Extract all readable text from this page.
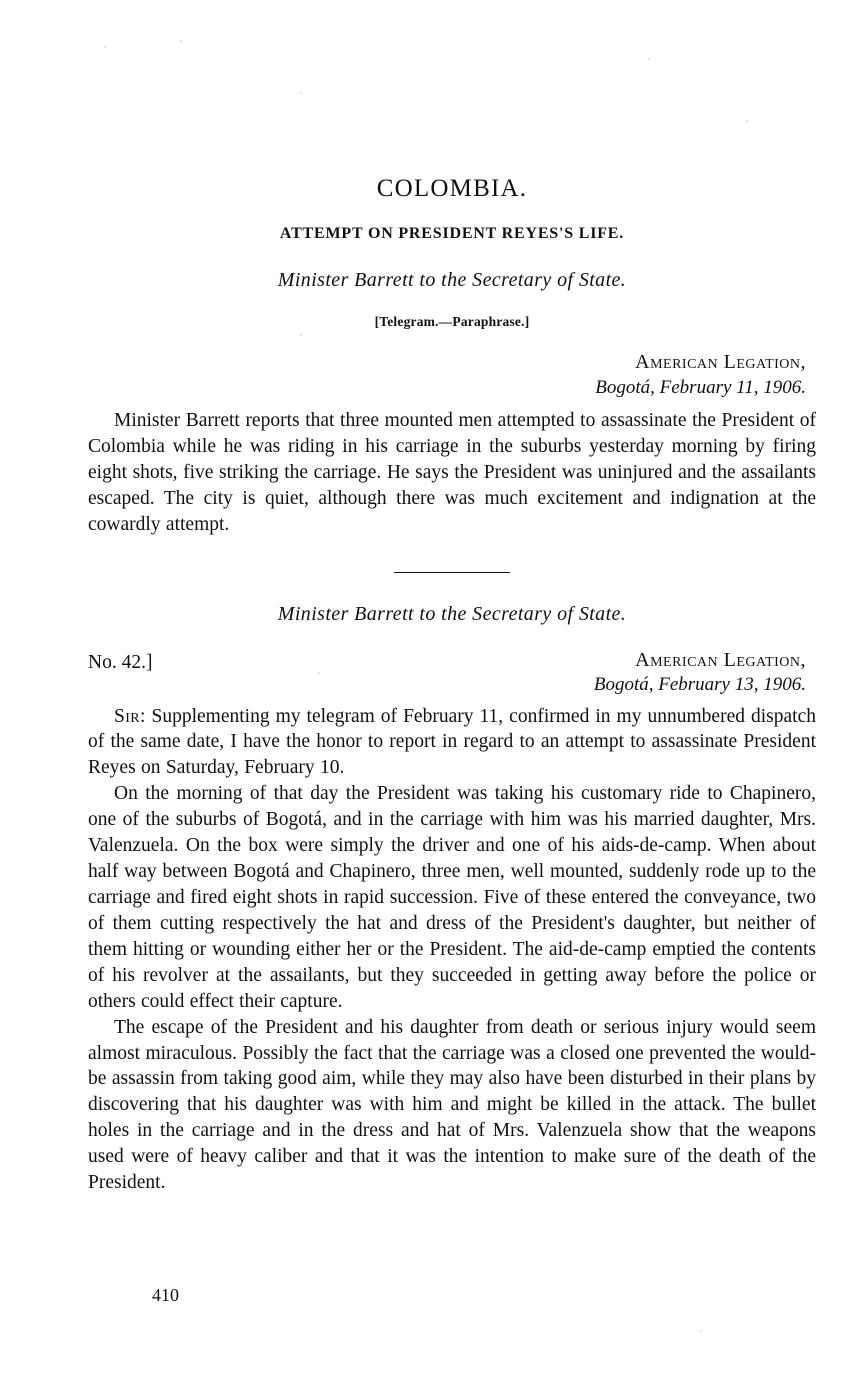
COLOMBIA.
ATTEMPT ON PRESIDENT REYES'S LIFE.
Minister Barrett to the Secretary of State.
[Telegram.—Paraphrase.]
American Legation,
Bogotá, February 11, 1906.

Minister Barrett reports that three mounted men attempted to assassinate the President of Colombia while he was riding in his carriage in the suburbs yesterday morning by firing eight shots, five striking the carriage. He says the President was uninjured and the assailants escaped. The city is quiet, although there was much excitement and indignation at the cowardly attempt.

Minister Barrett to the Secretary of State.
No. 42.]	American Legation,
Bogotá, February 13, 1906.

Sir: Supplementing my telegram of February 11, confirmed in my unnumbered dispatch of the same date, I have the honor to report in regard to an attempt to assassinate President Reyes on Saturday, February 10.

On the morning of that day the President was taking his customary ride to Chapinero, one of the suburbs of Bogotá, and in the carriage with him was his married daughter, Mrs. Valenzuela. On the box were simply the driver and one of his aids-de-camp. When about half way between Bogotá and Chapinero, three men, well mounted, suddenly rode up to the carriage and fired eight shots in rapid succession. Five of these entered the conveyance, two of them cutting respectively the hat and dress of the President's daughter, but neither of them hitting or wounding either her or the President. The aid-de-camp emptied the contents of his revolver at the assailants, but they succeeded in getting away before the police or others could effect their capture.

The escape of the President and his daughter from death or serious injury would seem almost miraculous. Possibly the fact that the carriage was a closed one prevented the would-be assassin from taking good aim, while they may also have been disturbed in their plans by discovering that his daughter was with him and might be killed in the attack. The bullet holes in the carriage and in the dress and hat of Mrs. Valenzuela show that the weapons used were of heavy caliber and that it was the intention to make sure of the death of the President.

410
